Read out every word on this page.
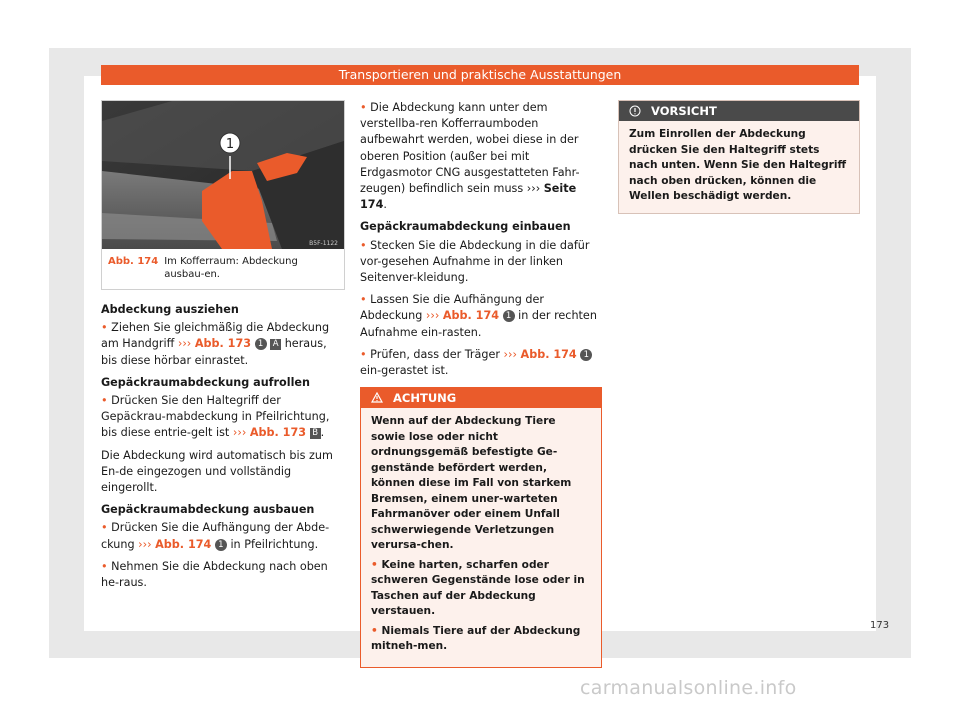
Transportieren und praktische Ausstattungen
1
B5F-1122
Abb. 174 Im Kofferraum: Abdeckung ausbau-en.

Abdeckung ausziehen

• Ziehen Sie gleichmäßig die Abdeckung am Handgriff ››› Abb. 173 1 A heraus, bis diese hörbar einrastet.

Gepäckraumabdeckung aufrollen

• Drücken Sie den Haltegriff der Gepäckrau-mabdeckung in Pfeilrichtung, bis diese entrie-gelt ist ››› Abb. 173 B .

Die Abdeckung wird automatisch bis zum En-de eingezogen und vollständig eingerollt.

Gepäckraumabdeckung ausbauen

• Drücken Sie die Aufhängung der Abde-ckung ››› Abb. 174 1 in Pfeilrichtung.

• Nehmen Sie die Abdeckung nach oben he-raus.

• Die Abdeckung kann unter dem verstellba-ren Kofferraumboden aufbewahrt werden, wobei diese in der oberen Position (außer bei mit Erdgasmotor CNG ausgestatteten Fahr-zeugen) befindlich sein muss ››› Seite 174.

Gepäckraumabdeckung einbauen

• Stecken Sie die Abdeckung in die dafür vor-gesehen Aufnahme in der linken Seitenver-kleidung.

• Lassen Sie die Aufhängung der Abdeckung ››› Abb. 174 1 in der rechten Aufnahme ein-rasten.

• Prüfen, dass der Träger ››› Abb. 174 1 ein-gerastet ist.

ACHTUNG

Wenn auf der Abdeckung Tiere sowie lose oder nicht ordnungsgemäß befestigte Ge-genstände befördert werden, können diese im Fall von starkem Bremsen, einem uner-warteten Fahrmanöver oder einem Unfall schwerwiegende Verletzungen verursa-chen.

• Keine harten, scharfen oder schweren Gegenstände lose oder in Taschen auf der Abdeckung verstauen.

• Niemals Tiere auf der Abdeckung mitneh-men.

VORSICHT
Zum Einrollen der Abdeckung drücken Sie den Haltegriff stets nach unten. Wenn Sie den Haltegriff nach oben drücken, können die Wellen beschädigt werden.
173
carmanualsonline.info
